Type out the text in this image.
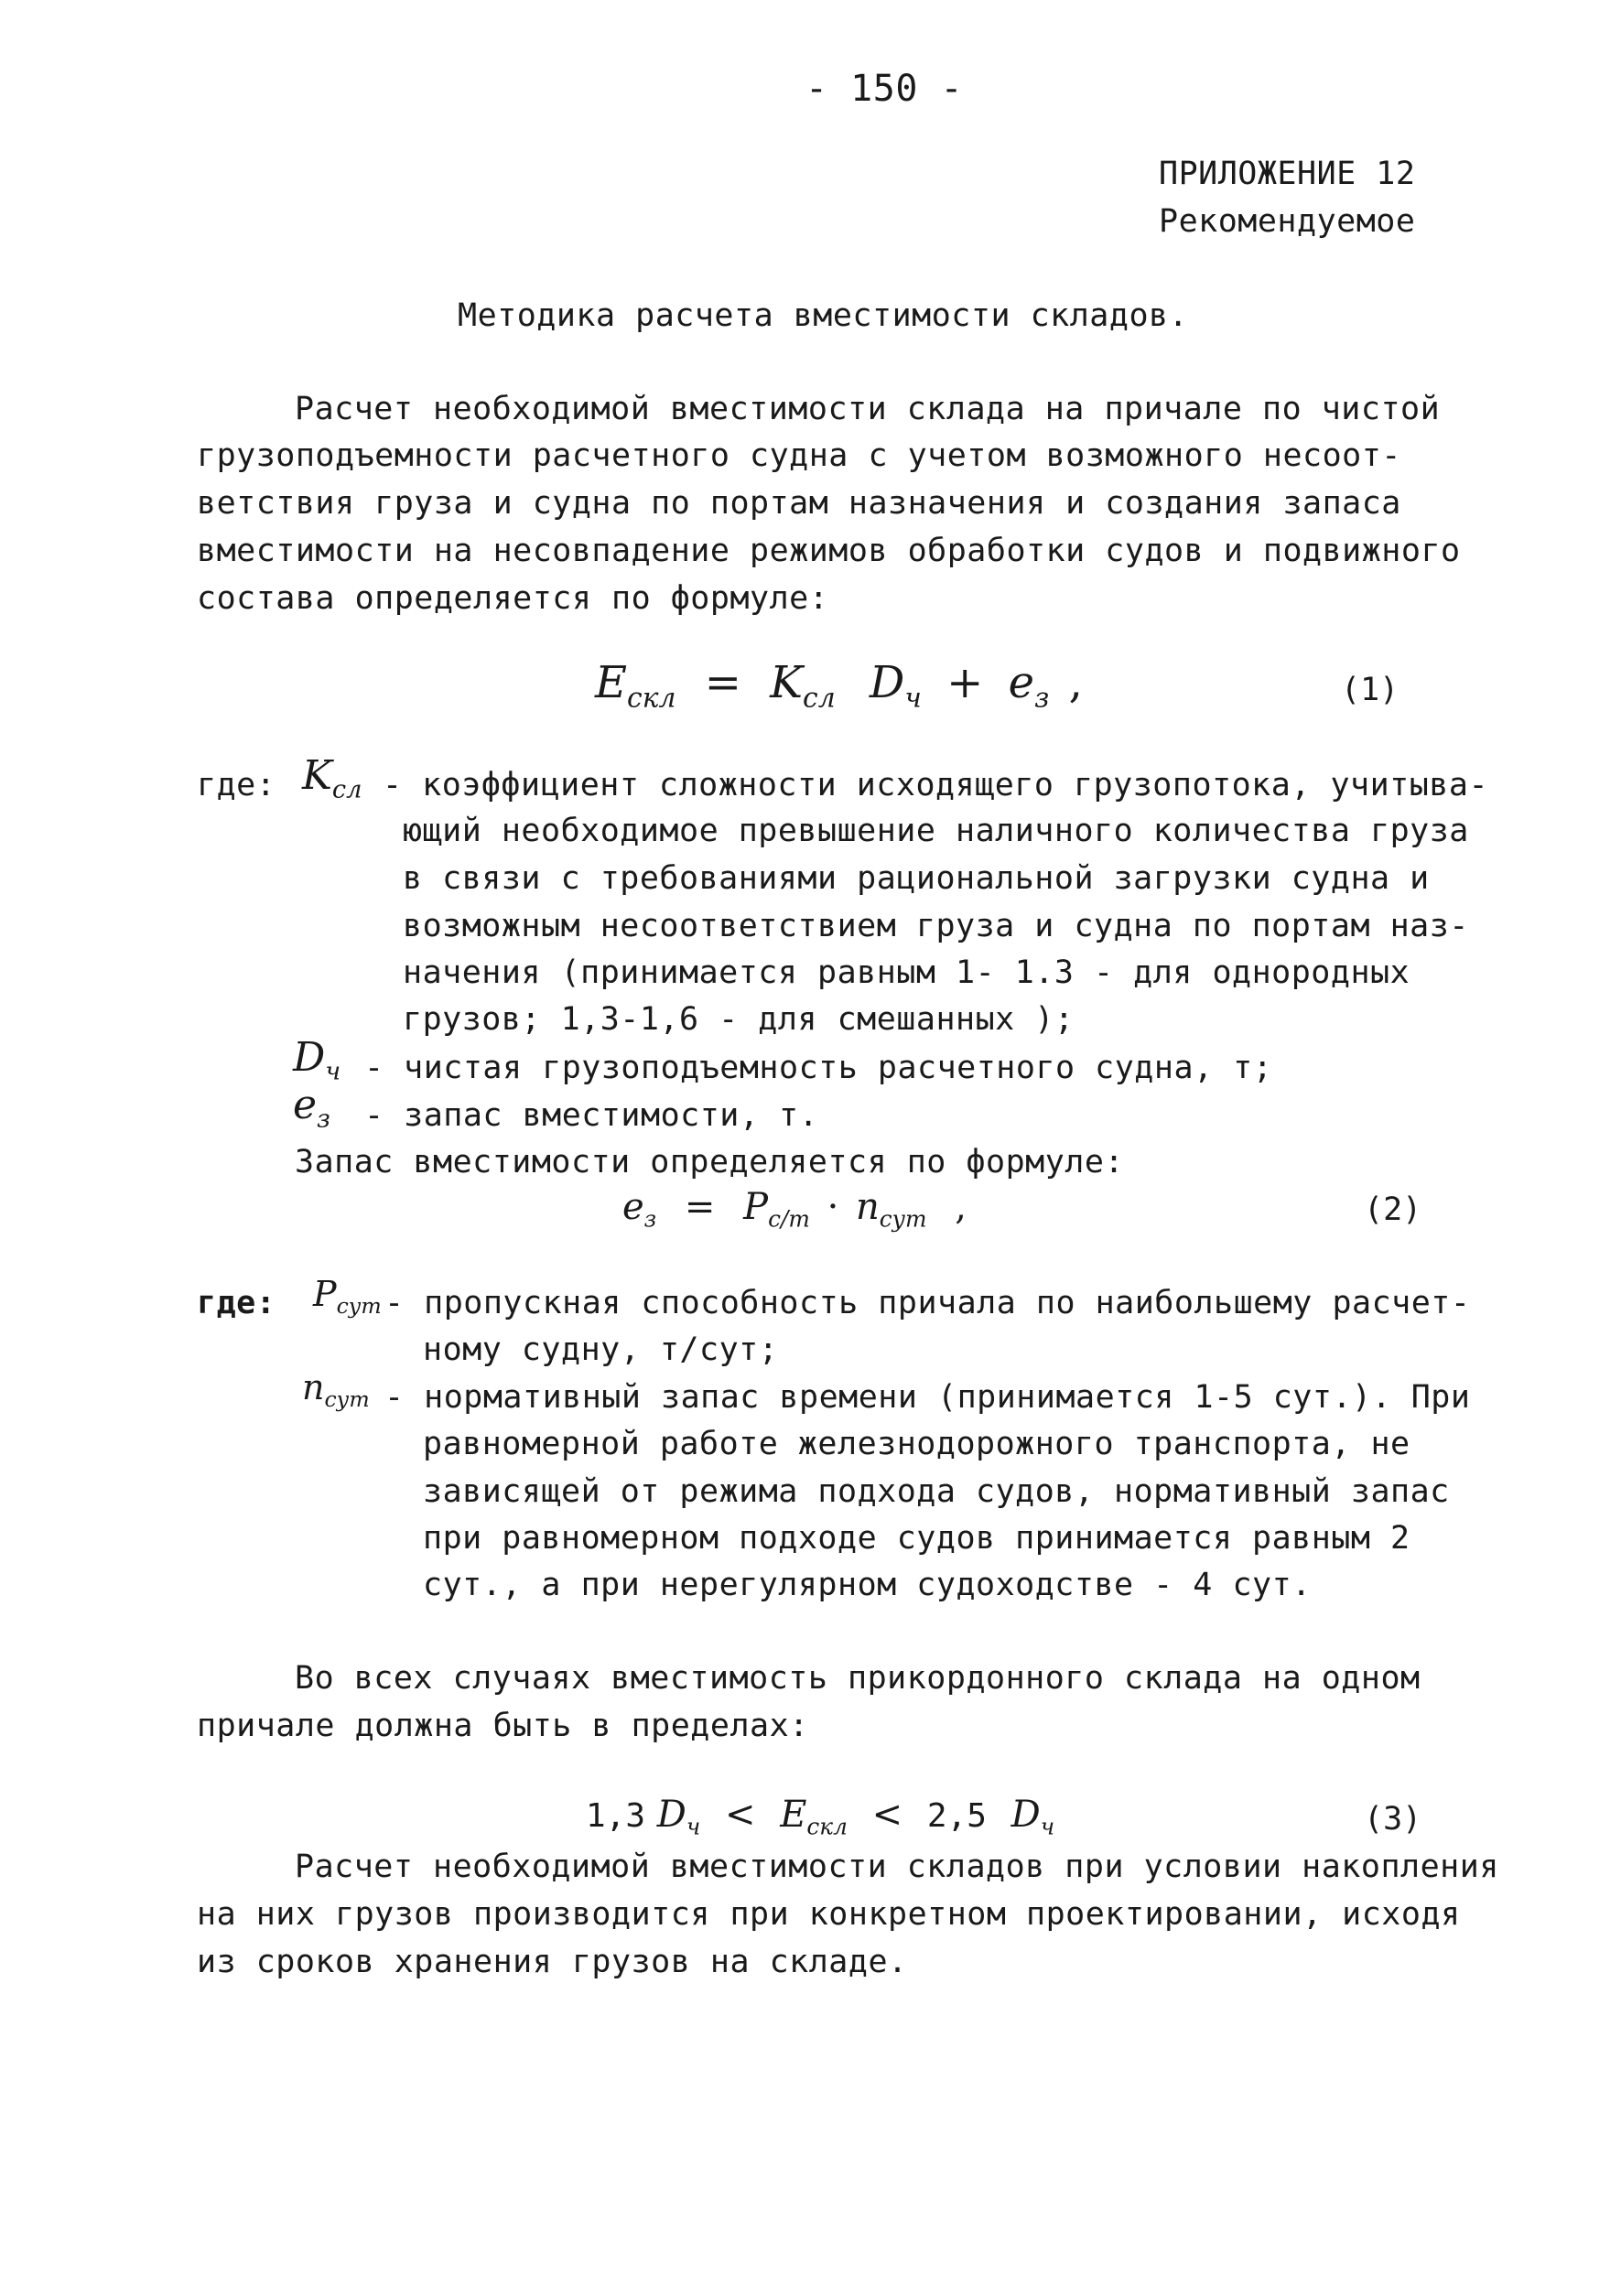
- 150 -
ПРИЛОЖЕНИЕ 12
Рекомендуемое
Методика расчета вместимости складов.
Расчет необходимой вместимости склада на причале по чистой
грузоподъемности расчетного судна с учетом возможного несоот-
ветствия груза и судна по портам назначения и создания запаса
вместимости на несовпадение режимов обработки судов и подвижного
состава определяется по формуле:
$E_{скл} = K_{сл}$ $D_ч + e_з$ ,	(1)
где: $K_{сл}$ - коэффициент сложности исходящего грузопотока, учитыва-
ющий необходимое превышение наличного количества груза
в связи с требованиями рациональной загрузки судна и
возможным несоответствием груза и судна по портам наз-
начения (принимается равным 1- 1.3 - для однородных
грузов; 1,3-1,6 - для смешанных );
$D_ч$ - чистая грузоподъемность расчетного судна, т;
$e_з$ - запас вместимости, т.
Запас вместимости определяется по формуле:
$e_з = P_{с/т} \cdot n_{сут}$ ,	(2)
где: $P_{сут}$ - пропускная способность причала по наибольшему расчет-
ному судну, т/сут;
$n_{сут}$ - нормативный запас времени (принимается 1-5 сут.). При
равномерной работе железнодорожного транспорта, не
зависящей от режима подхода судов, нормативный запас
при равномерном подходе судов принимается равным 2
сут., а при нерегулярном судоходстве - 4 сут.
Во всех случаях вместимость прикордонного склада на одном
причале должна быть в пределах:
1,3 $D_ч < E_{скл} < 2,5$ $D_ч$	(3)
Расчет необходимой вместимости складов при условии накопления
на них грузов производится при конкретном проектировании, исходя
из сроков хранения грузов на складе.
